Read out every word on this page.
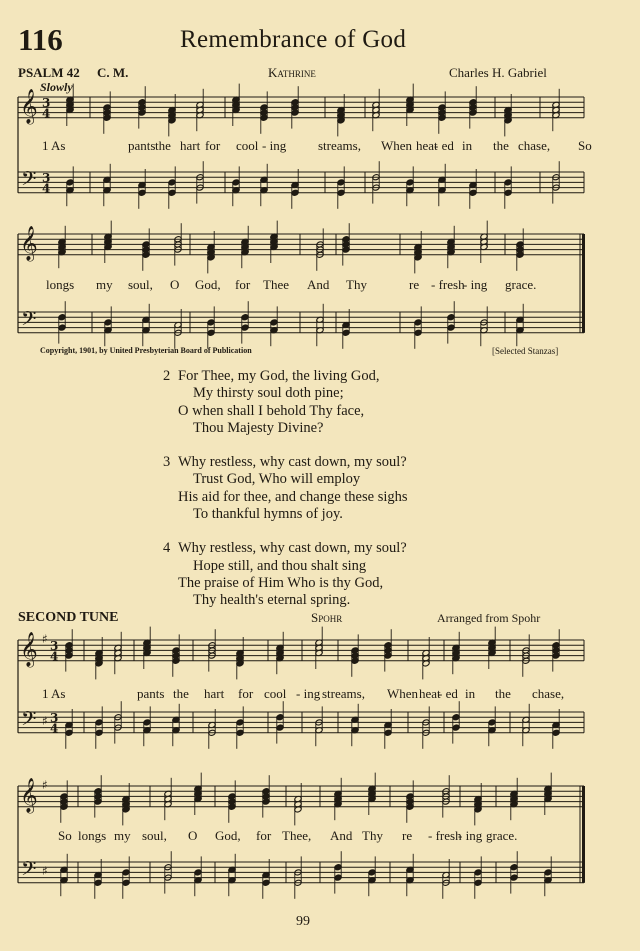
116	Remembrance of God
PSALM 42 C. M.	Kathrine	Charles H. Gabriel
Slowly
𝄞
𝄢
3
4
3
4
𝄞
𝄢
𝄞
𝄢
♯
♯
3
4
3
4
𝄞
𝄢
♯
♯
1 As	pants the hart for cool - ing streams, When heat
- ed in the chase, So
longs my soul, O God, for Thee And Thy	re - fresh
- ing grace.
1 As	pants the hart for cool - ing streams, When heat
- ed in the chase,
So longs my soul, O God, for Thee, And Thy re - fresh
- ing grace.
Copyright, 1901, by United Presbyterian Board of Publication	[Selected Stanzas]
2 For Thee, my God, the living God,
My thirsty soul doth pine;
O when shall I behold Thy face,
Thou Majesty Divine?
3 Why restless, why cast down, my soul?
Trust God, Who will employ
His aid for thee, and change these sighs
To thankful hymns of joy.
4 Why restless, why cast down, my soul?
Hope still, and thou shalt sing
The praise of Him Who is thy God,
Thy health's eternal spring.
SECOND TUNE	Spohr	Arranged from Spohr
99
